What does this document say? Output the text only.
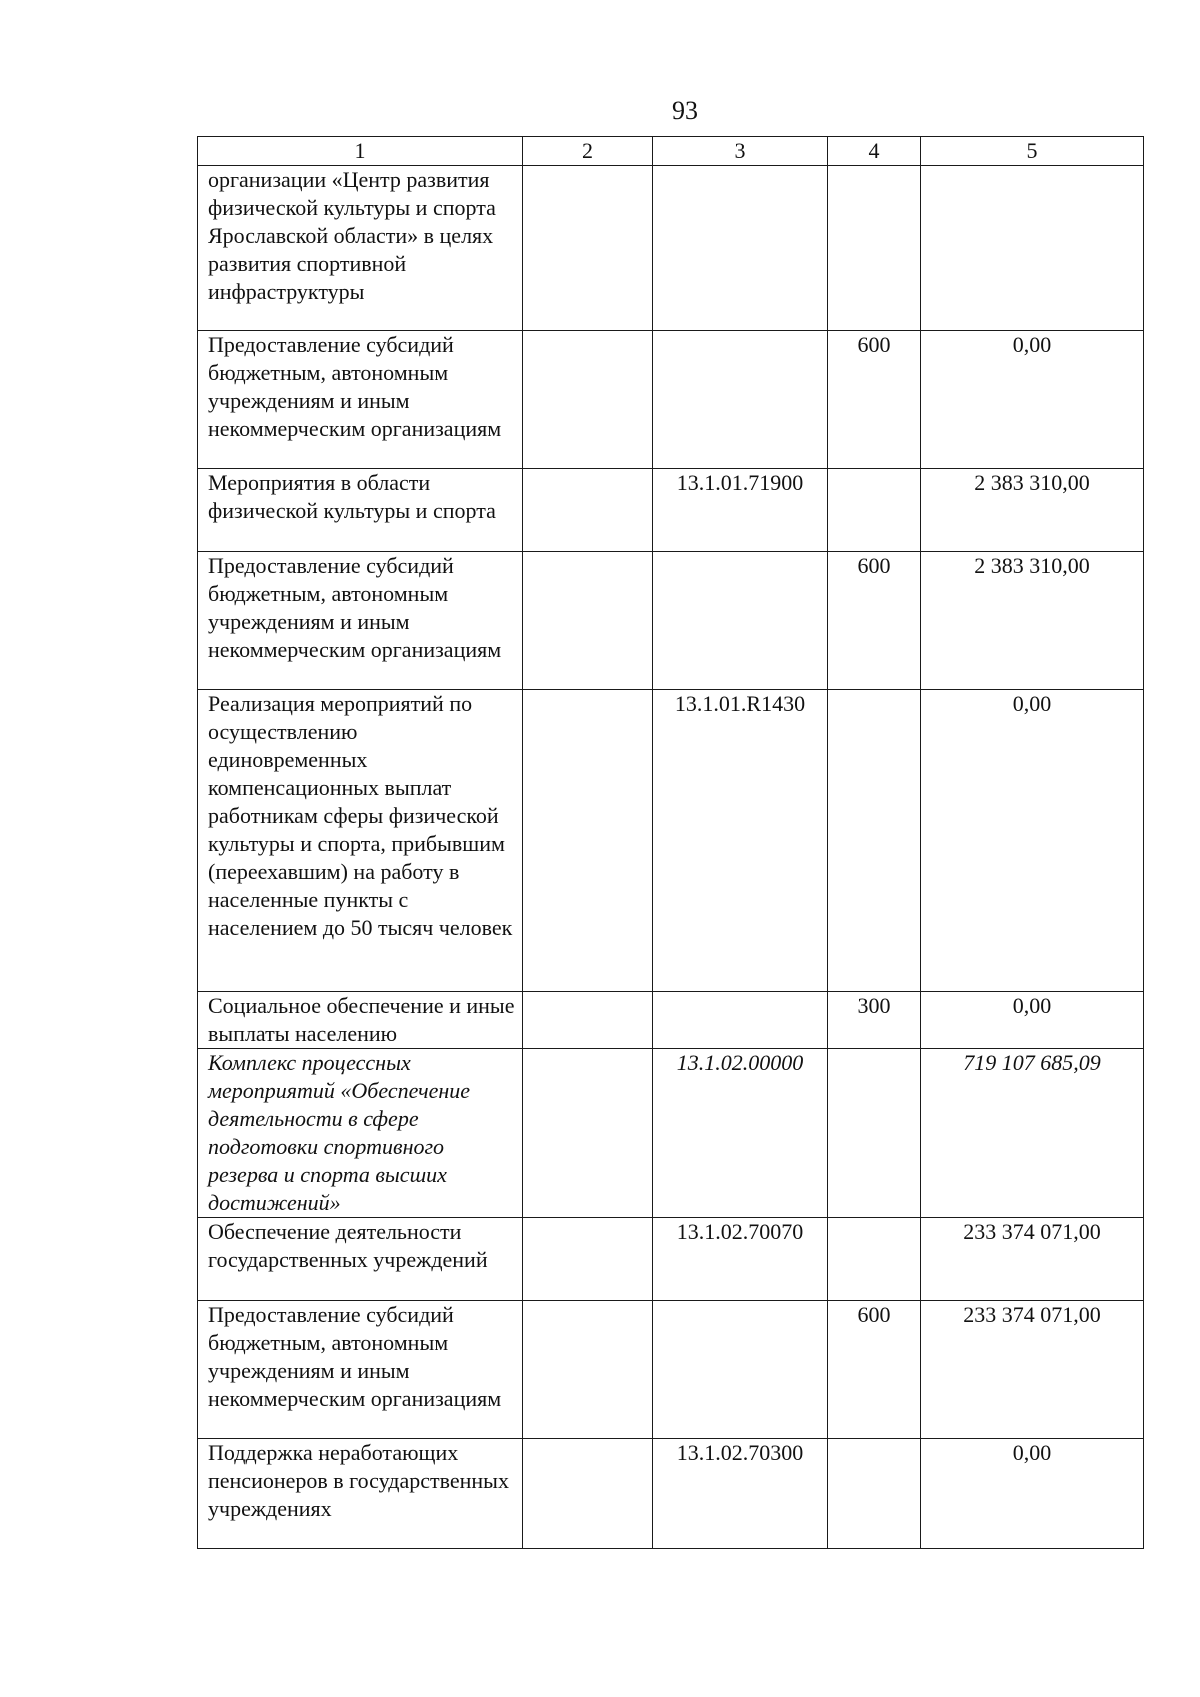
93
1	2	3	4	5
организации «Центр развития физической культуры и спорта Ярославской области» в целях развития спортивной инфраструктуры				
Предоставление субсидий бюджетным, автономным учреждениям и иным некоммерческим организациям			600	0,00
Мероприятия в области физической культуры и спорта		13.1.01.71900		2 383 310,00
Предоставление субсидий бюджетным, автономным учреждениям и иным некоммерческим организациям			600	2 383 310,00
Реализация мероприятий по осуществлению единовременных компенсационных выплат работникам сферы физической культуры и спорта, прибывшим (переехавшим) на работу в населенные пункты с населением до 50 тысяч человек		13.1.01.R1430		0,00
Социальное обеспечение и иные выплаты населению			300	0,00
Комплекс процессных мероприятий «Обеспечение деятельности в сфере подготовки спортивного резерва и спорта высших достижений»		13.1.02.00000		719 107 685,09
Обеспечение деятельности государственных учреждений		13.1.02.70070		233 374 071,00
Предоставление субсидий бюджетным, автономным учреждениям и иным некоммерческим организациям			600	233 374 071,00
Поддержка неработающих пенсионеров в государственных учреждениях		13.1.02.70300		0,00
